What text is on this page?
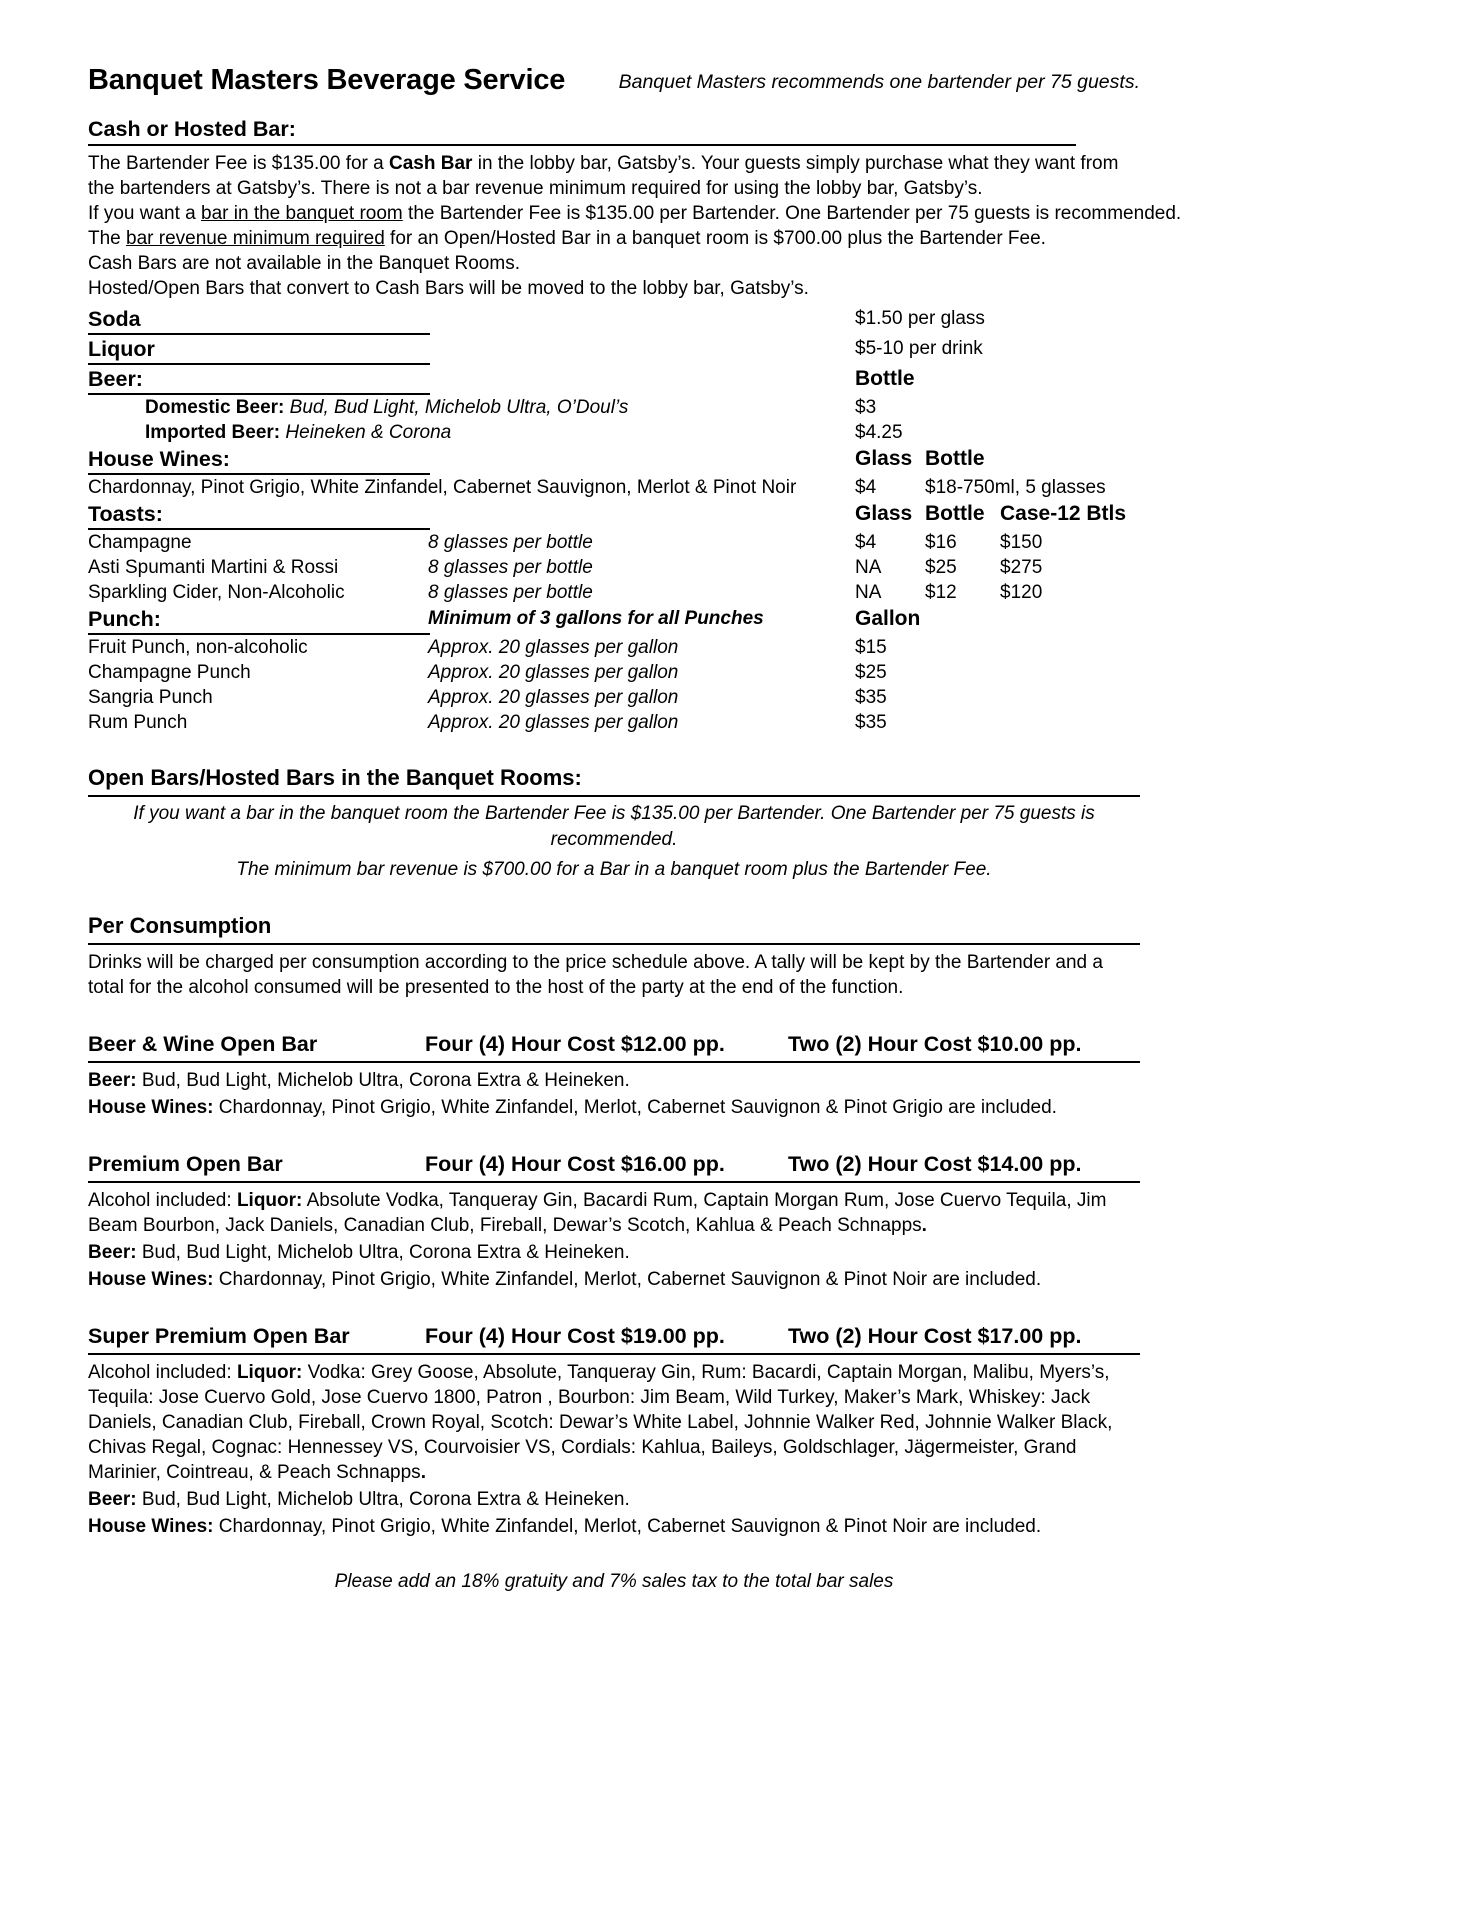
Banquet Masters Beverage Service	Banquet Masters recommends one bartender per 75 guests.
Cash or Hosted Bar:

The Bartender Fee is $135.00 for a Cash Bar in the lobby bar, Gatsby’s. Your guests simply purchase what they want from the bartenders at Gatsby’s. There is not a bar revenue minimum required for using the lobby bar, Gatsby’s.

If you want a bar in the banquet room the Bartender Fee is $135.00 per Bartender. One Bartender per 75 guests is recommended.

The bar revenue minimum required for an Open/Hosted Bar in a banquet room is $700.00 plus the Bartender Fee.

Cash Bars are not available in the Banquet Rooms.

Hosted/Open Bars that convert to Cash Bars will be moved to the lobby bar, Gatsby’s.

Soda	$1.50 per glass
Liquor	$5-10 per drink
Beer:	Bottle
Domestic Beer: Bud, Bud Light, Michelob Ultra, O’Doul’s	$3
Imported Beer: Heineken & Corona	$4.25
House Wines:	Glass Bottle
Chardonnay, Pinot Grigio, White Zinfandel, Cabernet Sauvignon, Merlot & Pinot Noir	$4	$18-750ml, 5 glasses
Toasts:	Glass Bottle Case-12 Btls
Champagne	8 glasses per bottle	$4	$16 $150
Asti Spumanti Martini & Rossi	8 glasses per bottle	NA $25 $275
Sparkling Cider, Non-Alcoholic	8 glasses per bottle	NA $12 $120
Punch:	Minimum of 3 gallons for all Punches	Gallon
Fruit Punch, non-alcoholic	Approx. 20 glasses per gallon	$15
Champagne Punch	Approx. 20 glasses per gallon	$25
Sangria Punch	Approx. 20 glasses per gallon	$35
Rum Punch	Approx. 20 glasses per gallon	$35
Open Bars/Hosted Bars in the Banquet Rooms:

If you want a bar in the banquet room the Bartender Fee is $135.00 per Bartender. One Bartender per 75 guests is recommended.

The minimum bar revenue is $700.00 for a Bar in a banquet room plus the Bartender Fee.

Per Consumption

Drinks will be charged per consumption according to the price schedule above. A tally will be kept by the Bartender and a total for the alcohol consumed will be presented to the host of the party at the end of the function.

Beer & Wine Open Bar	Four (4) Hour Cost $12.00 pp.	Two (2) Hour Cost $10.00 pp.

Beer: Bud, Bud Light, Michelob Ultra, Corona Extra & Heineken.

House Wines: Chardonnay, Pinot Grigio, White Zinfandel, Merlot, Cabernet Sauvignon & Pinot Grigio are included.

Premium Open Bar	Four (4) Hour Cost $16.00 pp.	Two (2) Hour Cost $14.00 pp.

Alcohol included: Liquor: Absolute Vodka, Tanqueray Gin, Bacardi Rum, Captain Morgan Rum, Jose Cuervo Tequila, Jim Beam Bourbon, Jack Daniels, Canadian Club, Fireball, Dewar’s Scotch, Kahlua & Peach Schnapps.

Beer: Bud, Bud Light, Michelob Ultra, Corona Extra & Heineken.

House Wines: Chardonnay, Pinot Grigio, White Zinfandel, Merlot, Cabernet Sauvignon & Pinot Noir are included.

Super Premium Open Bar	Four (4) Hour Cost $19.00 pp.	Two (2) Hour Cost $17.00 pp.

Alcohol included: Liquor: Vodka: Grey Goose, Absolute, Tanqueray Gin, Rum: Bacardi, Captain Morgan, Malibu, Myers’s, Tequila: Jose Cuervo Gold, Jose Cuervo 1800, Patron , Bourbon: Jim Beam, Wild Turkey, Maker’s Mark, Whiskey: Jack Daniels, Canadian Club, Fireball, Crown Royal, Scotch: Dewar’s White Label, Johnnie Walker Red, Johnnie Walker Black, Chivas Regal, Cognac: Hennessey VS, Courvoisier VS, Cordials: Kahlua, Baileys, Goldschlager, Jägermeister, Grand Marinier, Cointreau, & Peach Schnapps.

Beer: Bud, Bud Light, Michelob Ultra, Corona Extra & Heineken.

House Wines: Chardonnay, Pinot Grigio, White Zinfandel, Merlot, Cabernet Sauvignon & Pinot Noir are included.

Please add an 18% gratuity and 7% sales tax to the total bar sales
